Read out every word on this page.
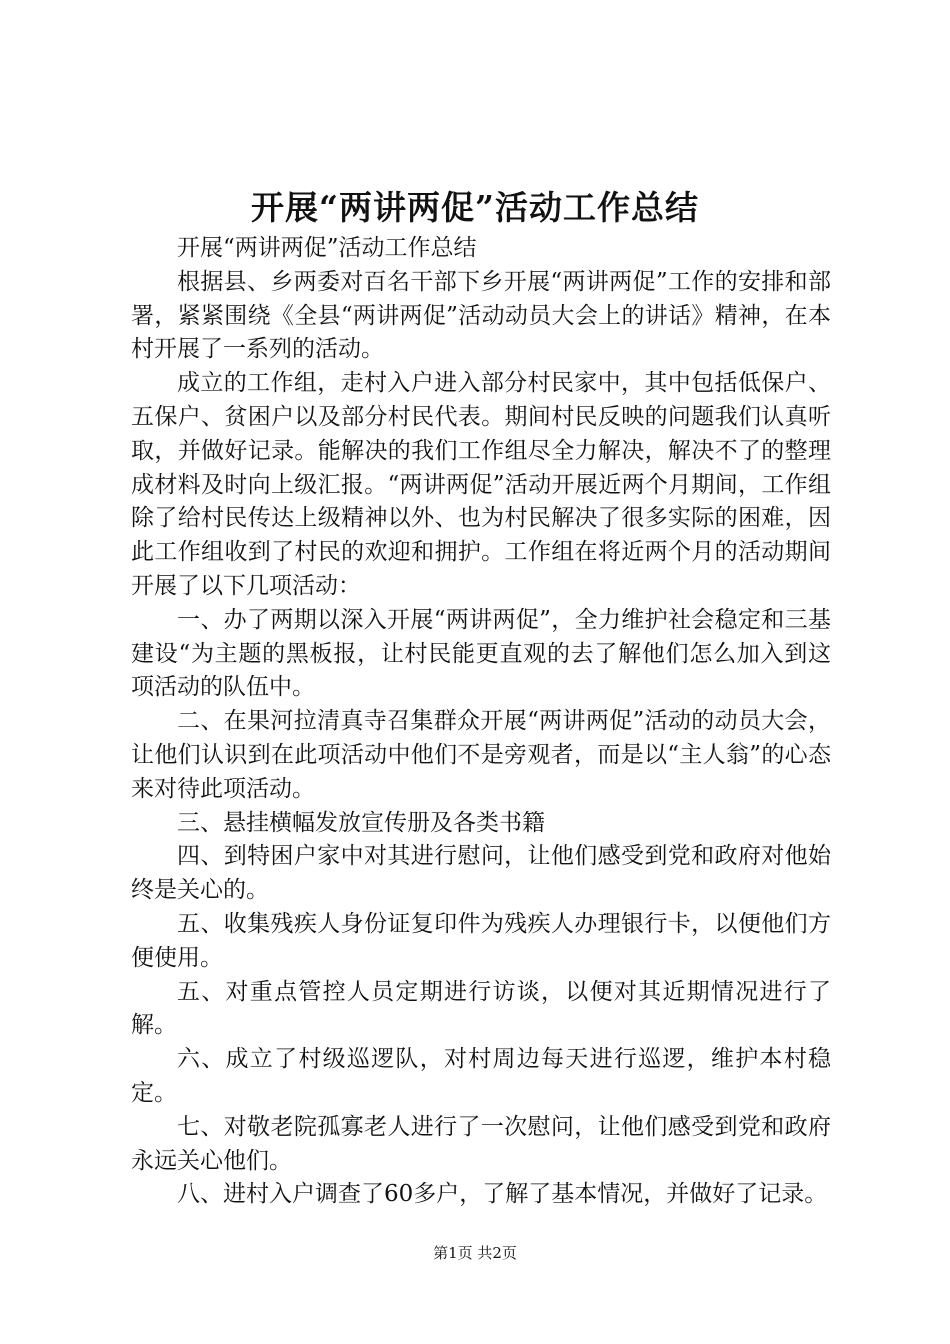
开展“两讲两促”活动工作总结

开展“两讲两促”活动工作总结

根据县、乡两委对百名干部下乡开展“两讲两促”工作的安排和部署，紧紧围绕《全县“两讲两促”活动动员大会上的讲话》精神，在本村开展了一系列的活动。

成立的工作组，走村入户进入部分村民家中，其中包括低保户、五保户、贫困户以及部分村民代表。期间村民反映的问题我们认真听取，并做好记录。能解决的我们工作组尽全力解决，解决不了的整理成材料及时向上级汇报。“两讲两促”活动开展近两个月期间，工作组除了给村民传达上级精神以外、也为村民解决了很多实际的困难，因此工作组收到了村民的欢迎和拥护。工作组在将近两个月的活动期间开展了以下几项活动：

一、办了两期以深入开展“两讲两促”，全力维护社会稳定和三基建设“为主题的黑板报，让村民能更直观的去了解他们怎么加入到这项活动的队伍中。

二、在果河拉清真寺召集群众开展“两讲两促”活动的动员大会，让他们认识到在此项活动中他们不是旁观者，而是以“主人翁”的心态来对待此项活动。

三、悬挂横幅发放宣传册及各类书籍

四、到特困户家中对其进行慰问，让他们感受到党和政府对他始终是关心的。

五、收集残疾人身份证复印件为残疾人办理银行卡，以便他们方便使用。

五、对重点管控人员定期进行访谈，以便对其近期情况进行了解。

六、成立了村级巡逻队，对村周边每天进行巡逻，维护本村稳定。

七、对敬老院孤寡老人进行了一次慰问，让他们感受到党和政府永远关心他们。

八、进村入户调查了60多户，了解了基本情况，并做好了记录。

第1页 共2页
